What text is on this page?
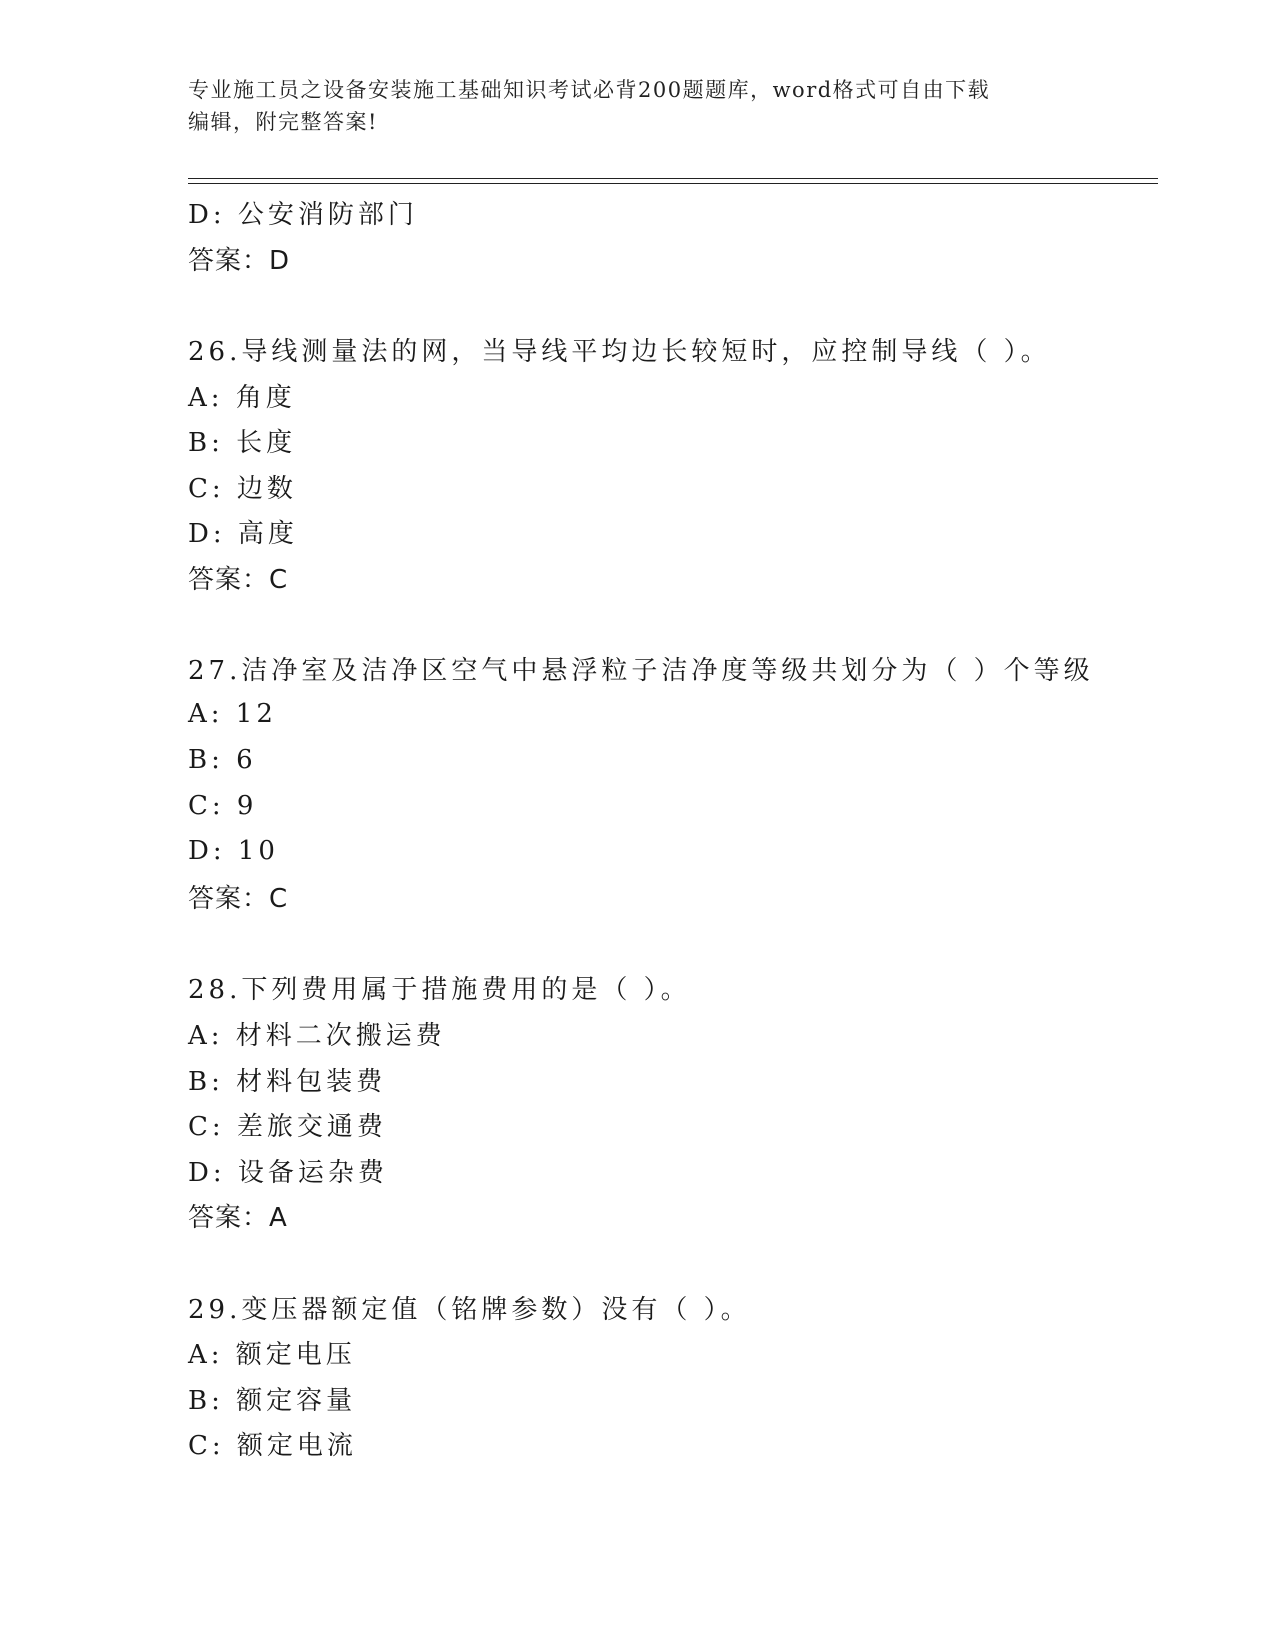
专业施工员之设备安装施工基础知识考试必背200题题库，word格式可自由下载
编辑，附完整答案!
D: 公安消防部门
答案：D
26.导线测量法的网，当导线平均边长较短时，应控制导线（ ）。
A: 角度
B: 长度
C: 边数
D: 高度
答案：C
27.洁净室及洁净区空气中悬浮粒子洁净度等级共划分为（ ）个等级
A: 12
B: 6
C: 9
D: 10
答案：C
28.下列费用属于措施费用的是（ ）。
A: 材料二次搬运费
B: 材料包装费
C: 差旅交通费
D: 设备运杂费
答案：A
29.变压器额定值（铭牌参数）没有（ ）。
A: 额定电压
B: 额定容量
C: 额定电流
